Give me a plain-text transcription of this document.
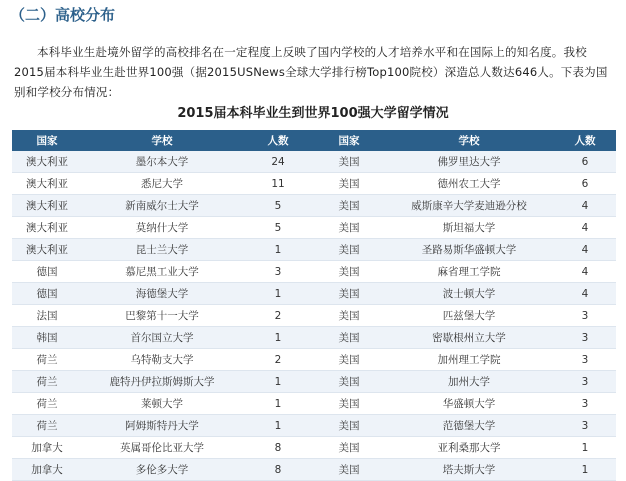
（二）高校分布
本科毕业生赴境外留学的高校排名在一定程度上反映了国内学校的人才培养水平和在国际上的知名度。我校2015届本科毕业生赴世界100强（据2015USNews全球大学排行榜Top100院校）深造总人数达646人。下表为国别和学校分布情况：
2015届本科毕业生到世界100强大学留学情况
国家	学校	人数	国家	学校	人数
澳大利亚	墨尔本大学	24	美国	佛罗里达大学	6
澳大利亚	悉尼大学	11	美国	德州农工大学	6
澳大利亚	新南威尔士大学	5	美国	威斯康辛大学麦迪逊分校	4
澳大利亚	莫纳什大学	5	美国	斯坦福大学	4
澳大利亚	昆士兰大学	1	美国	圣路易斯华盛顿大学	4
德国	慕尼黑工业大学	3	美国	麻省理工学院	4
德国	海德堡大学	1	美国	波士顿大学	4
法国	巴黎第十一大学	2	美国	匹兹堡大学	3
韩国	首尔国立大学	1	美国	密歇根州立大学	3
荷兰	乌特勒支大学	2	美国	加州理工学院	3
荷兰	鹿特丹伊拉斯姆斯大学	1	美国	加州大学	3
荷兰	莱顿大学	1	美国	华盛顿大学	3
荷兰	阿姆斯特丹大学	1	美国	范德堡大学	3
加拿大	英属哥伦比亚大学	8	美国	亚利桑那大学	1
加拿大	多伦多大学	8	美国	塔夫斯大学	1
